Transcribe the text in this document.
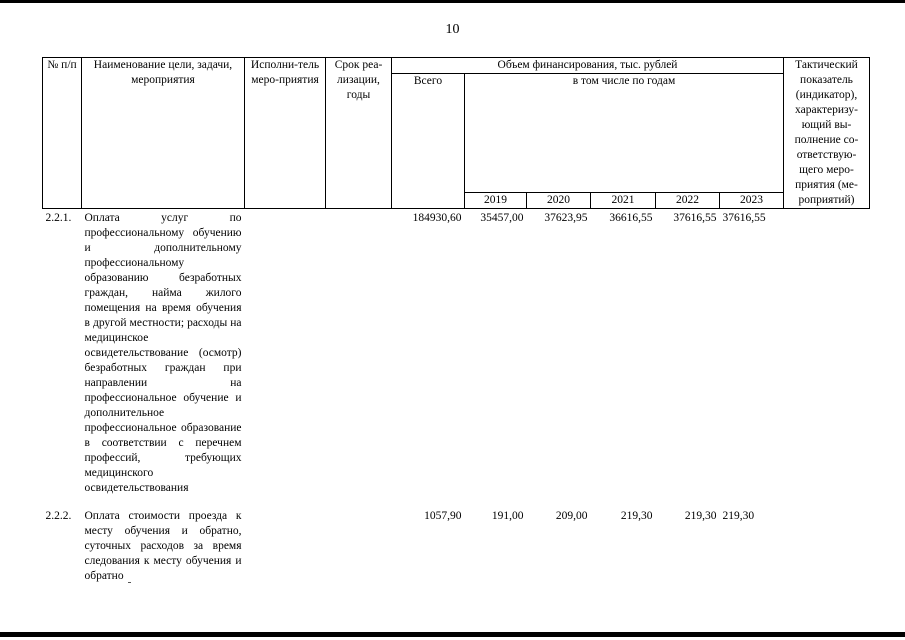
10
№ п/п	Наименование цели, задачи, мероприятия	Исполни-тель меро-приятия	Срок реа-лизации, годы	Объем финансирования, тыс. рублей						Тактический показатель (индикатор), характеризу-ющий вы-полнение со-ответствую-щего меро-приятия (ме-роприятий)
				Всего	в том числе по годам					
					2019	2020	2021	2022	2023	
2.2.1.	Оплата услуг по профессиональному обучению и дополнительному профессиональному образованию безработных граждан, найма жилого помещения на время обучения в другой местности; расходы на медицинское освидетельствование (осмотр) безработных граждан при направлении на профессиональное обучение и дополнительное профессиональное образование в соответствии с перечнем профессий, требующих медицинского освидетельствования			184930,60	35457,00	37623,95	36616,55	37616,55	37616,55	
2.2.2.	Оплата стоимости проезда к месту обучения и обратно, суточных расходов за время следования к месту обучения и обратно			1057,90	191,00	209,00	219,30	219,30	219,30	
